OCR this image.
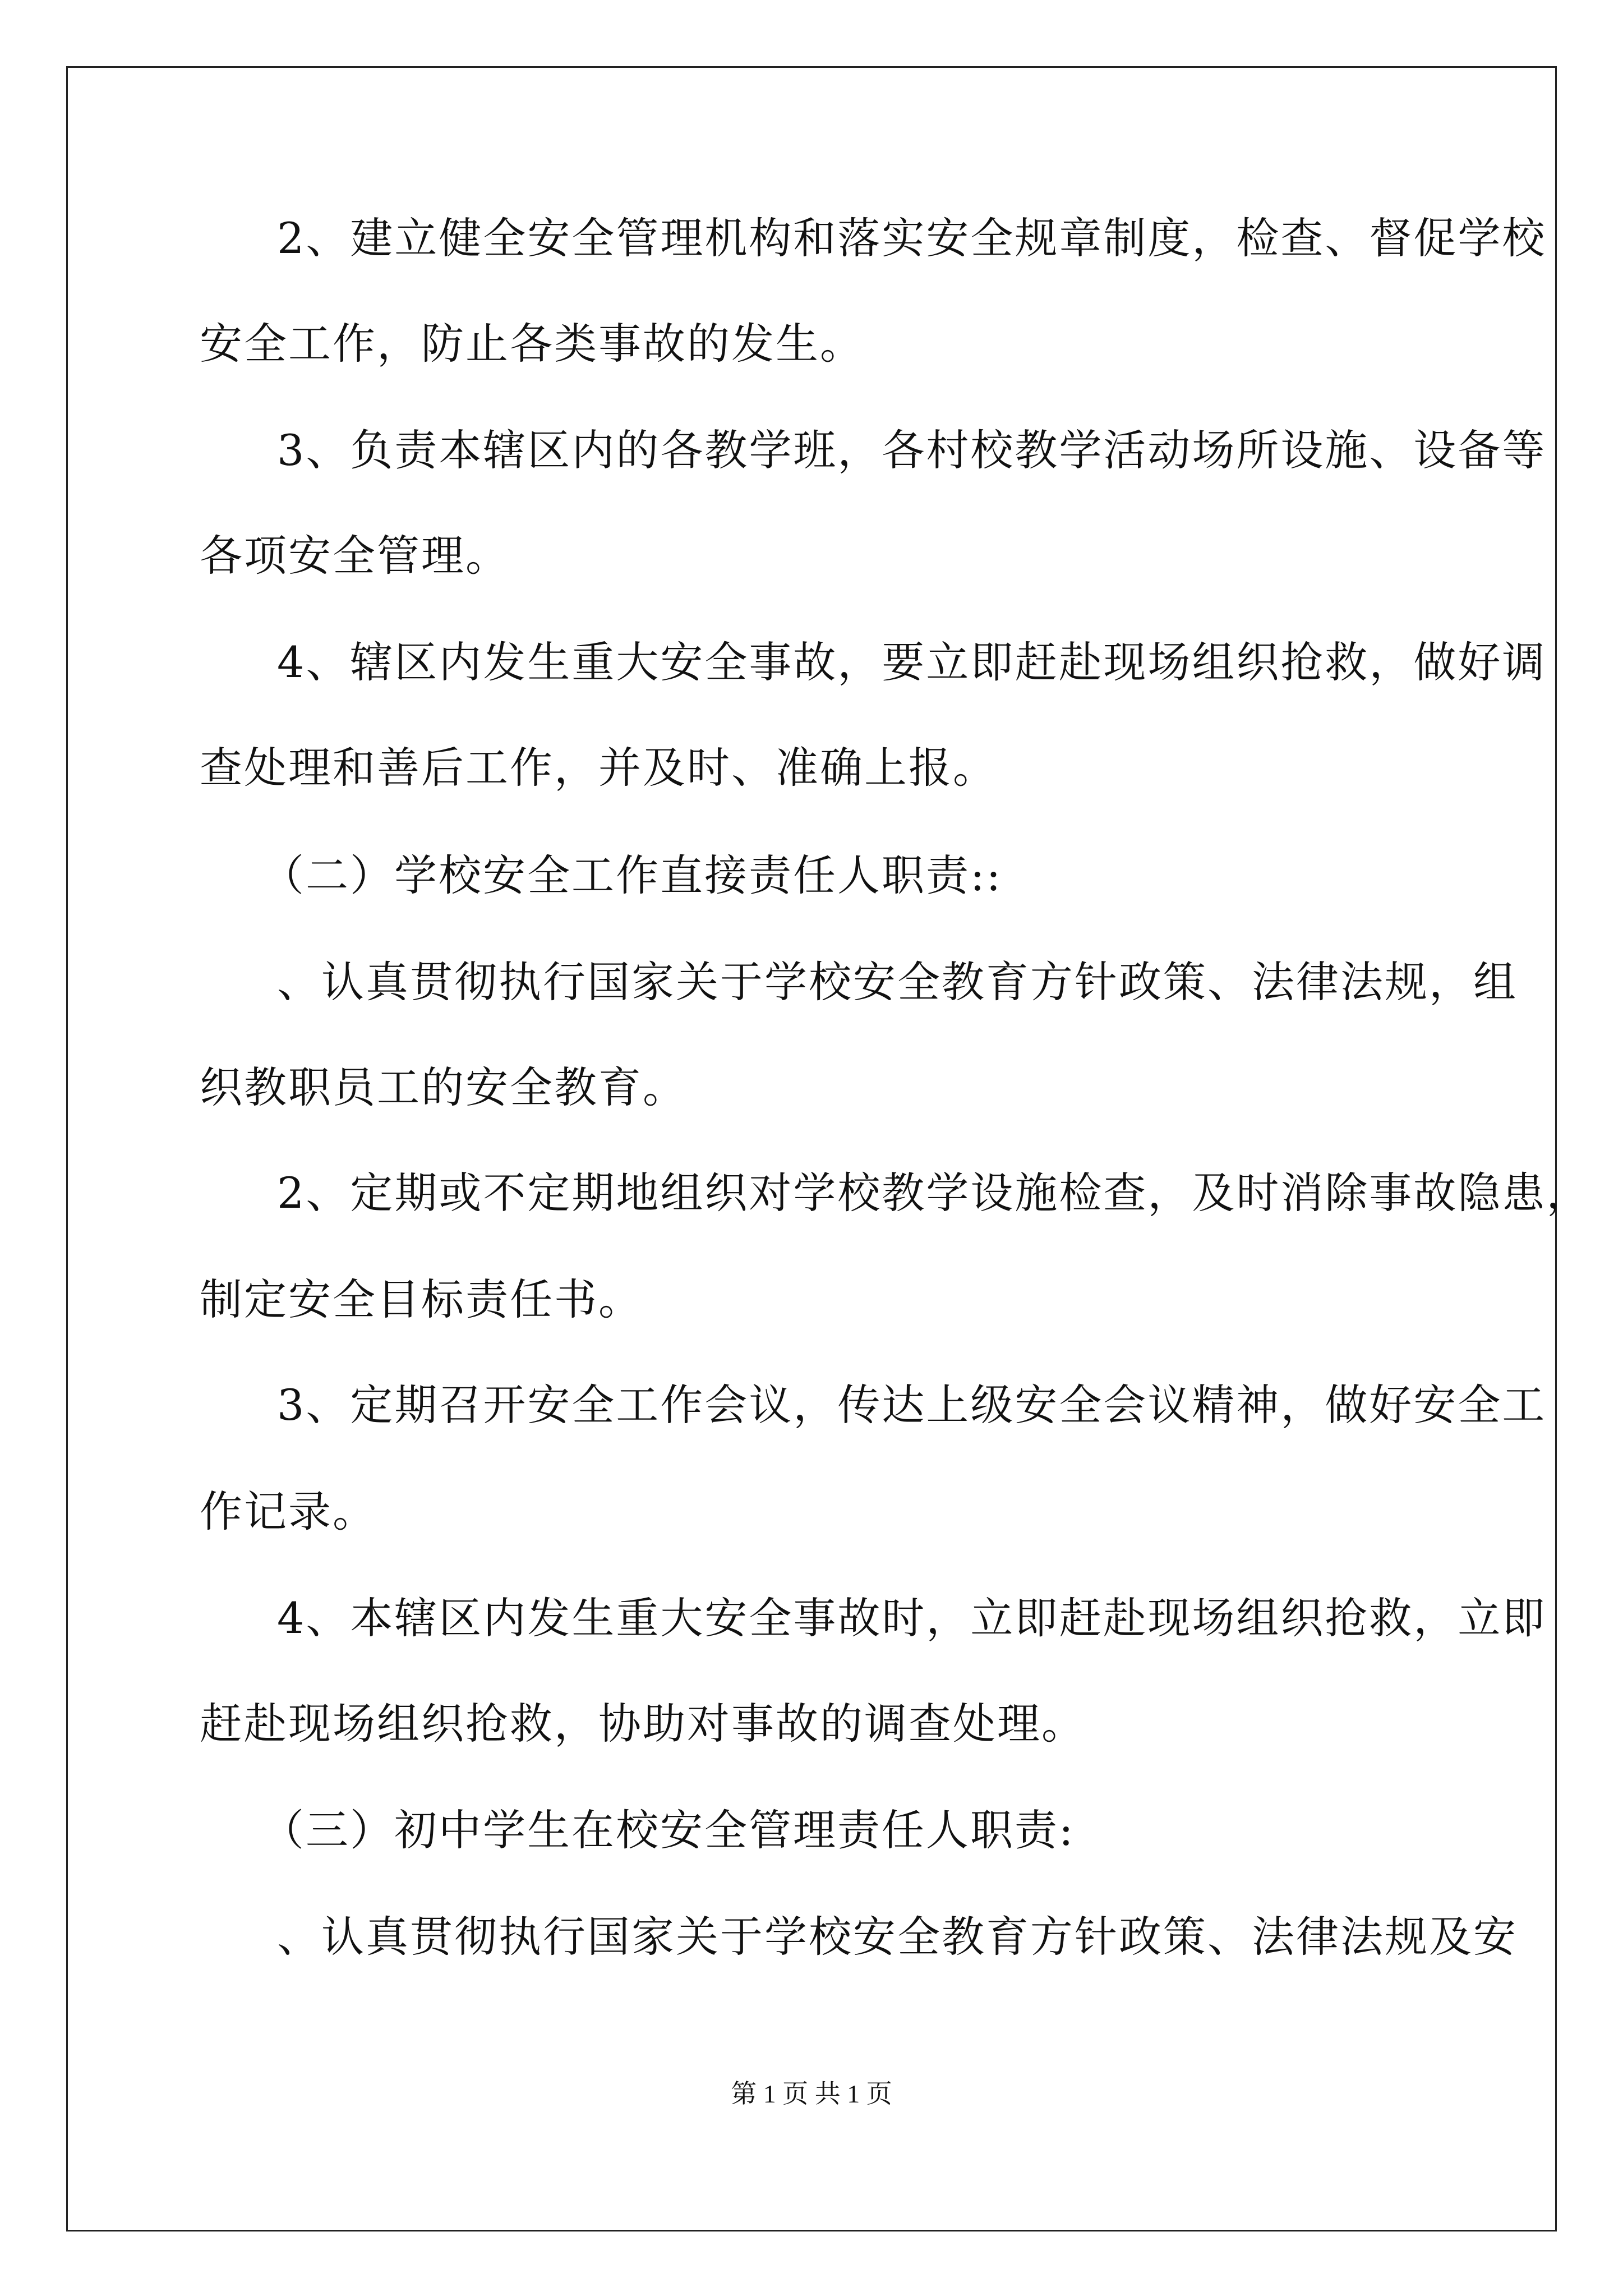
2、建立健全安全管理机构和落实安全规章制度，检查、督促学校
安全工作，防止各类事故的发生。
3、负责本辖区内的各教学班，各村校教学活动场所设施、设备等
各项安全管理。
4、辖区内发生重大安全事故，要立即赶赴现场组织抢救，做好调
查处理和善后工作，并及时、准确上报。
（二）学校安全工作直接责任人职责::
、认真贯彻执行国家关于学校安全教育方针政策、法律法规，组
织教职员工的安全教育。
2、定期或不定期地组织对学校教学设施检查，及时消除事故隐患，
制定安全目标责任书。
3、定期召开安全工作会议，传达上级安全会议精神，做好安全工
作记录。
4、本辖区内发生重大安全事故时，立即赶赴现场组织抢救，立即
赶赴现场组织抢救，协助对事故的调查处理。
（三）初中学生在校安全管理责任人职责:
、认真贯彻执行国家关于学校安全教育方针政策、法律法规及安
第 1 页 共 1 页
